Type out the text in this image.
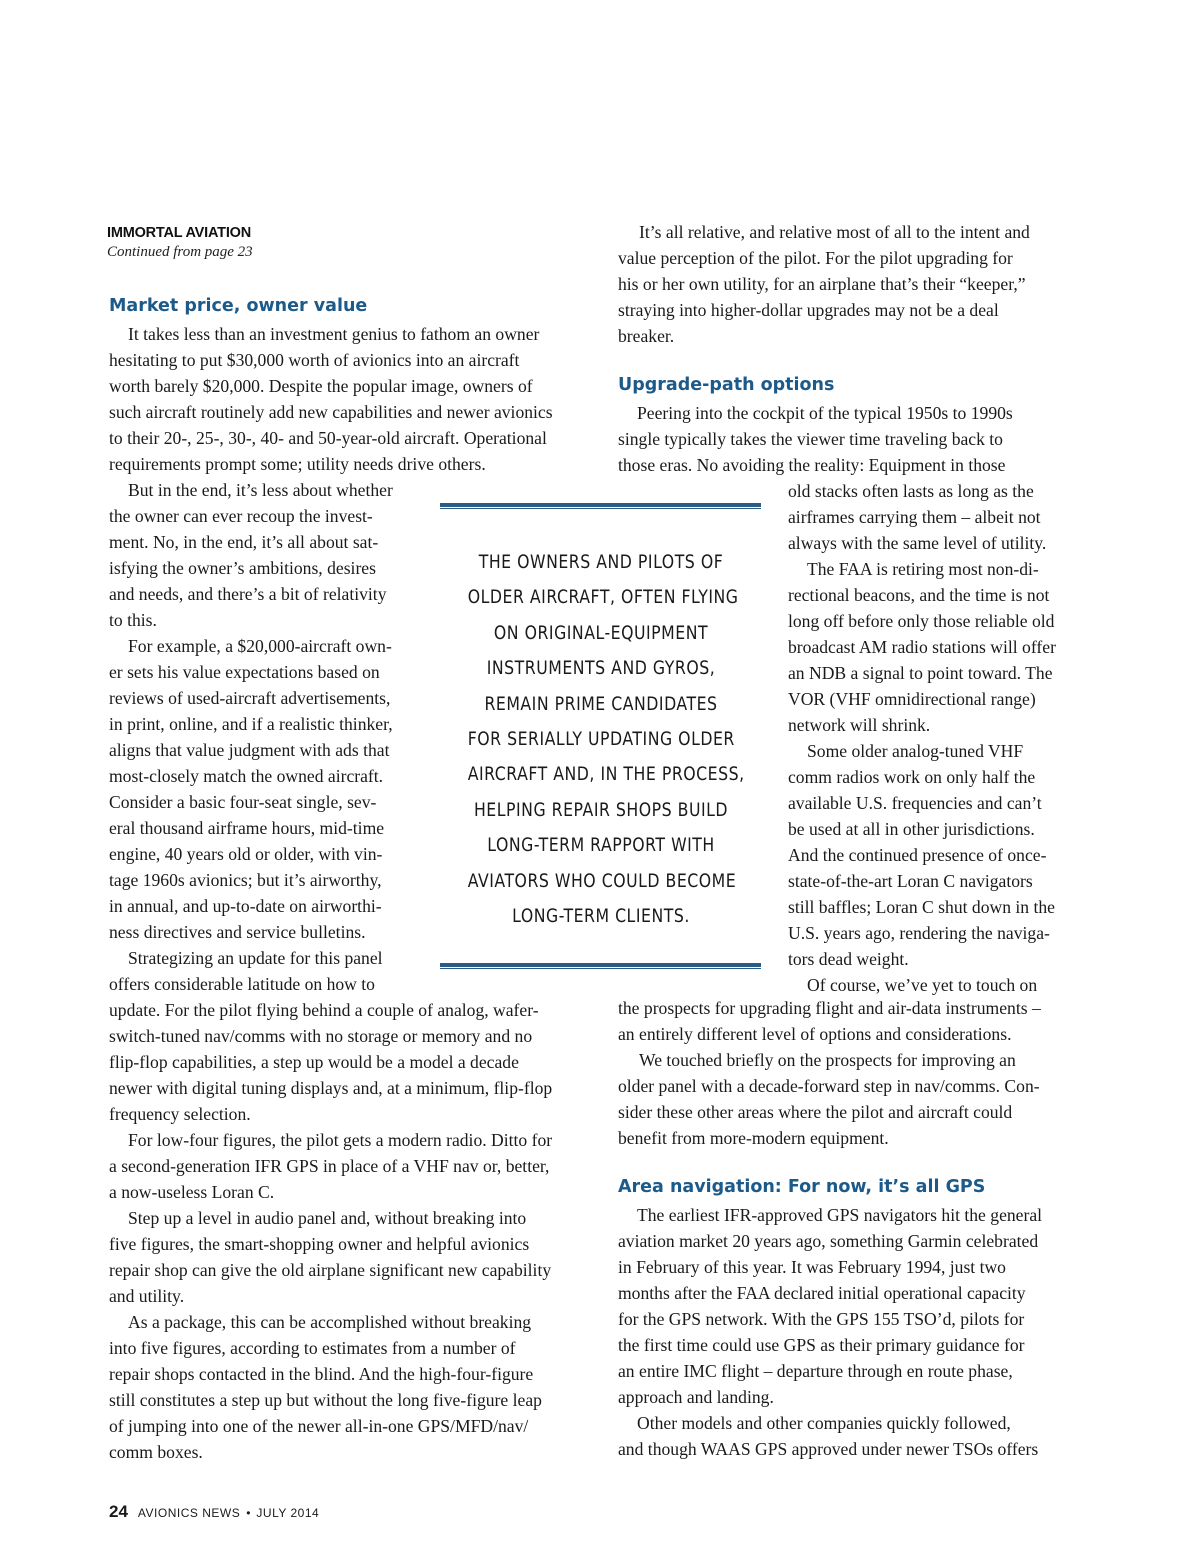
IMMORTAL AVIATION
Continued from page 23
Market price, owner value
It takes less than an investment genius to fathom an owner
hesitating to put $30,000 worth of avionics into an aircraft
worth barely $20,000. Despite the popular image, owners of
such aircraft routinely add new capabilities and newer avionics
to their 20-, 25-, 30-, 40- and 50-year-old aircraft. Operational
requirements prompt some; utility needs drive others.
But in the end, it’s less about whether
the owner can ever recoup the invest-
ment. No, in the end, it’s all about sat-
isfying the owner’s ambitions, desires
and needs, and there’s a bit of relativity
to this.
For example, a $20,000-aircraft own-
er sets his value expectations based on
reviews of used-aircraft advertisements,
in print, online, and if a realistic thinker,
aligns that value judgment with ads that
most-closely match the owned aircraft.
Consider a basic four-seat single, sev-
eral thousand airframe hours, mid-time
engine, 40 years old or older, with vin-
tage 1960s avionics; but it’s airworthy,
in annual, and up-to-date on airworthi-
ness directives and service bulletins.
Strategizing an update for this panel
offers considerable latitude on how to
update. For the pilot flying behind a couple of analog, wafer-
switch-tuned nav/comms with no storage or memory and no
flip-flop capabilities, a step up would be a model a decade
newer with digital tuning displays and, at a minimum, flip-flop
frequency selection.
For low-four figures, the pilot gets a modern radio. Ditto for
a second-generation IFR GPS in place of a VHF nav or, better,
a now-useless Loran C.
Step up a level in audio panel and, without breaking into
five figures, the smart-shopping owner and helpful avionics
repair shop can give the old airplane significant new capability
and utility.
As a package, this can be accomplished without breaking
into five figures, according to estimates from a number of
repair shops contacted in the blind. And the high-four-figure
still constitutes a step up but without the long five-figure leap
of jumping into one of the newer all-in-one GPS/MFD/nav/
comm boxes.
THE OWNERS AND PILOTS OF
OLDER AIRCRAFT, OFTEN FLYING
ON ORIGINAL-EQUIPMENT
INSTRUMENTS AND GYROS,
REMAIN PRIME CANDIDATES
FOR SERIALLY UPDATING OLDER
AIRCRAFT AND, IN THE PROCESS,
HELPING REPAIR SHOPS BUILD
LONG-TERM RAPPORT WITH
AVIATORS WHO COULD BECOME
LONG-TERM CLIENTS.
It’s all relative, and relative most of all to the intent and
value perception of the pilot. For the pilot upgrading for
his or her own utility, for an airplane that’s their “keeper,”
straying into higher-dollar upgrades may not be a deal
breaker.
Peering into the cockpit of the typical 1950s to 1990s
single typically takes the viewer time traveling back to
those eras. No avoiding the reality: Equipment in those
old stacks often lasts as long as the
airframes carrying them – albeit not
always with the same level of utility.
The FAA is retiring most non-di-
rectional beacons, and the time is not
long off before only those reliable old
broadcast AM radio stations will offer
an NDB a signal to point toward. The
VOR (VHF omnidirectional range)
network will shrink.
Some older analog-tuned VHF
comm radios work on only half the
available U.S. frequencies and can’t
be used at all in other jurisdictions.
And the continued presence of once-
state-of-the-art Loran C navigators
still baffles; Loran C shut down in the
U.S. years ago, rendering the naviga-
tors dead weight.
Of course, we’ve yet to touch on
the prospects for upgrading flight and air-data instruments –
an entirely different level of options and considerations.
We touched briefly on the prospects for improving an
older panel with a decade-forward step in nav/comms. Con-
sider these other areas where the pilot and aircraft could
benefit from more-modern equipment.
The earliest IFR-approved GPS navigators hit the general
aviation market 20 years ago, something Garmin celebrated
in February of this year. It was February 1994, just two
months after the FAA declared initial operational capacity
for the GPS network. With the GPS 155 TSO’d, pilots for
the first time could use GPS as their primary guidance for
an entire IMC flight – departure through en route phase,
approach and landing.
Other models and other companies quickly followed,
and though WAAS GPS approved under newer TSOs offers
Upgrade-path options
Area navigation: For now, it’s all GPS
24 AVIONICS NEWS • JULY 2014
